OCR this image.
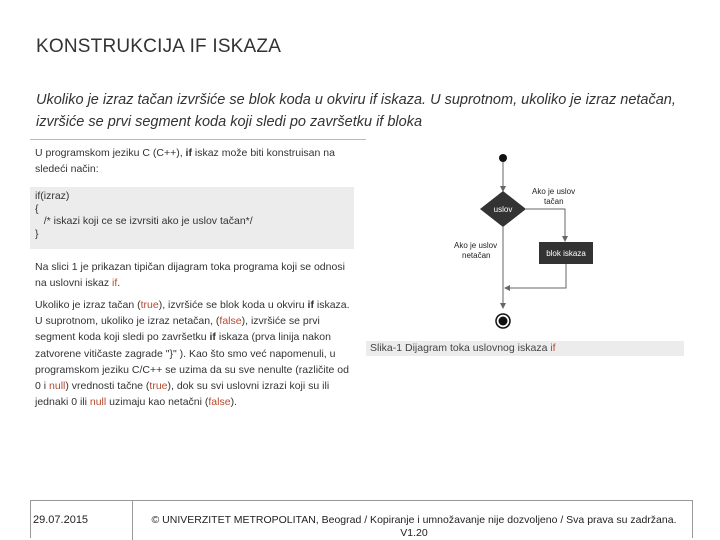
KONSTRUKCIJA IF ISKAZA
Ukoliko je izraz tačan izvršiće se blok koda u okviru if iskaza. U suprotnom, ukoliko je izraz netačan, izvršiće se prvi segment koda koji sledi po završetku if bloka
U programskom jeziku C (C++), if iskaz može biti konstruisan na sledeći način:
if(izraz)
{
/* iskazi koji ce se izvrsiti ako je uslov tačan*/
}
Na slici 1 je prikazan tipičan dijagram toka programa koji se odnosi na uslovni iskaz if.
Ukoliko je izraz tačan (true), izvršiće se blok koda u okviru if iskaza. U suprotnom, ukoliko je izraz netačan, (false), izvršiće se prvi segment koda koji sledi po završetku if iskaza (prva linija nakon zatvorene vitičaste zagrade "}" ). Kao što smo već napomenuli, u programskom jeziku C/C++ se uzima da su sve nenulte (različite od 0 i null) vrednosti tačne (true), dok su svi uslovni izrazi koji su ili jednaki 0 ili null uzimaju kao netačni (false).
uslov
Ako je uslov
tačan
blok iskaza
Ako je uslov
netačan
Slika-1 Dijagram toka uslovnog iskaza if
29.07.2015	© UNIVERZITET METROPOLITAN, Beograd / Kopiranje i umnožavanje nije dozvoljeno / Sva prava su zadržana.
V1.20
